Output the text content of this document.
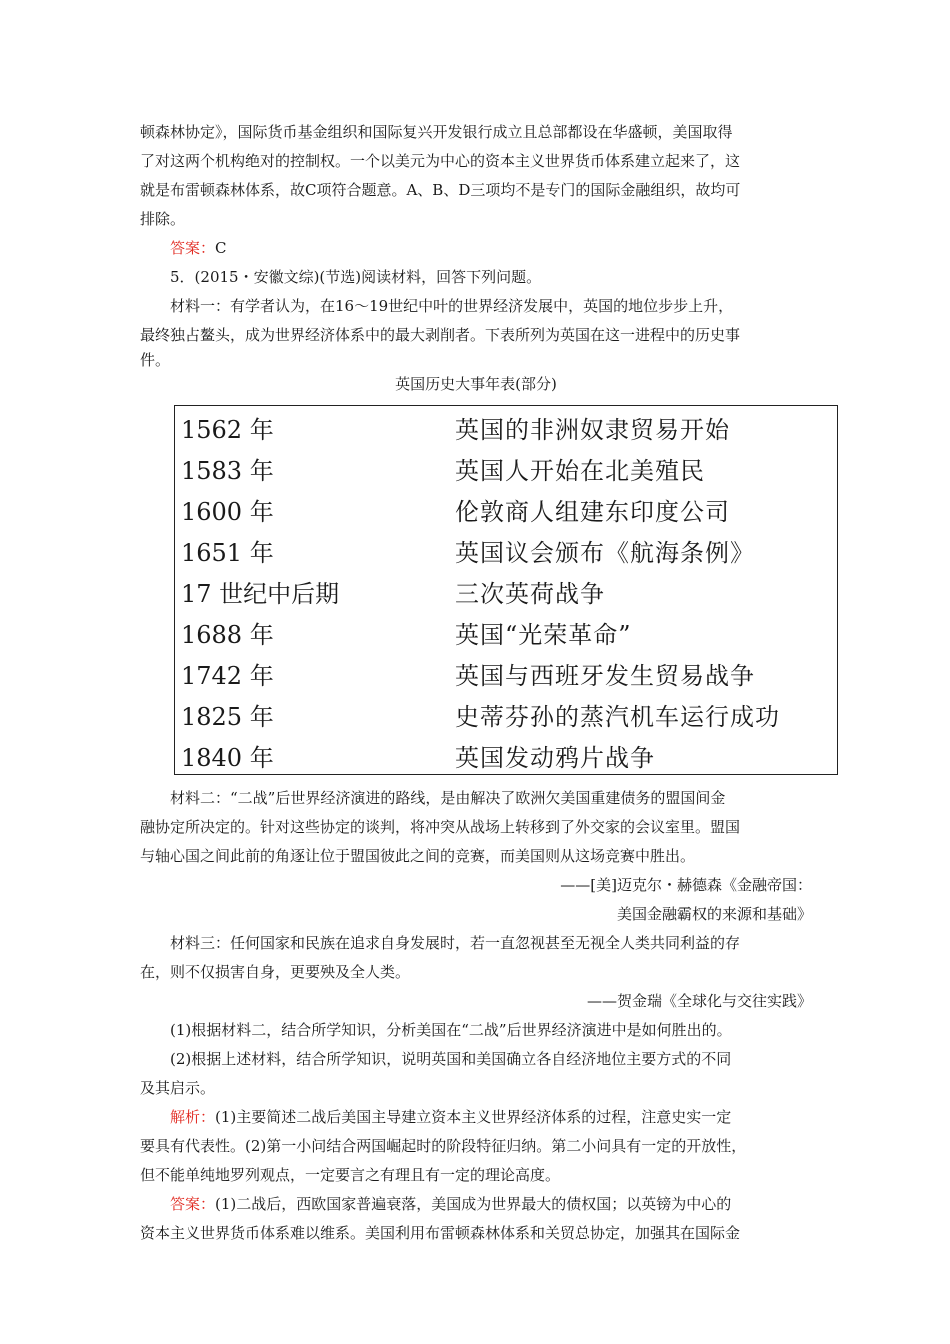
顿森林协定》，国际货币基金组织和国际复兴开发银行成立且总部都设在华盛顿，美国取得
了对这两个机构绝对的控制权。一个以美元为中心的资本主义世界货币体系建立起来了，这
就是布雷顿森林体系，故C项符合题意。A、B、D三项均不是专门的国际金融组织，故均可
排除。
答案：C
5．(2015・安徽文综)(节选)阅读材料，回答下列问题。
材料一：有学者认为，在16～19世纪中叶的世界经济发展中，英国的地位步步上升，
最终独占鳌头，成为世界经济体系中的最大剥削者。下表所列为英国在这一进程中的历史事
件。
英国历史大事年表(部分)
1562 年	英国的非洲奴隶贸易开始
1583 年	英国人开始在北美殖民
1600 年	伦敦商人组建东印度公司
1651 年	英国议会颁布《航海条例》
17 世纪中后期	三次英荷战争
1688 年	英国“光荣革命”
1742 年	英国与西班牙发生贸易战争
1825 年	史蒂芬孙的蒸汽机车运行成功
1840 年	英国发动鸦片战争
材料二：“二战”后世界经济演进的路线，是由解决了欧洲欠美国重建债务的盟国间金
融协定所决定的。针对这些协定的谈判，将冲突从战场上转移到了外交家的会议室里。盟国
与轴心国之间此前的角逐让位于盟国彼此之间的竞赛，而美国则从这场竞赛中胜出。
——[美]迈克尔・赫德森《金融帝国：
美国金融霸权的来源和基础》
材料三：任何国家和民族在追求自身发展时，若一直忽视甚至无视全人类共同利益的存
在，则不仅损害自身，更要殃及全人类。
——贺金瑞《全球化与交往实践》
(1)根据材料二，结合所学知识，分析美国在“二战”后世界经济演进中是如何胜出的。
(2)根据上述材料，结合所学知识，说明英国和美国确立各自经济地位主要方式的不同
及其启示。
解析：(1)主要简述二战后美国主导建立资本主义世界经济体系的过程，注意史实一定
要具有代表性。(2)第一小问结合两国崛起时的阶段特征归纳。第二小问具有一定的开放性，
但不能单纯地罗列观点，一定要言之有理且有一定的理论高度。
答案：(1)二战后，西欧国家普遍衰落，美国成为世界最大的债权国；以英镑为中心的
资本主义世界货币体系难以维系。美国利用布雷顿森林体系和关贸总协定，加强其在国际金
